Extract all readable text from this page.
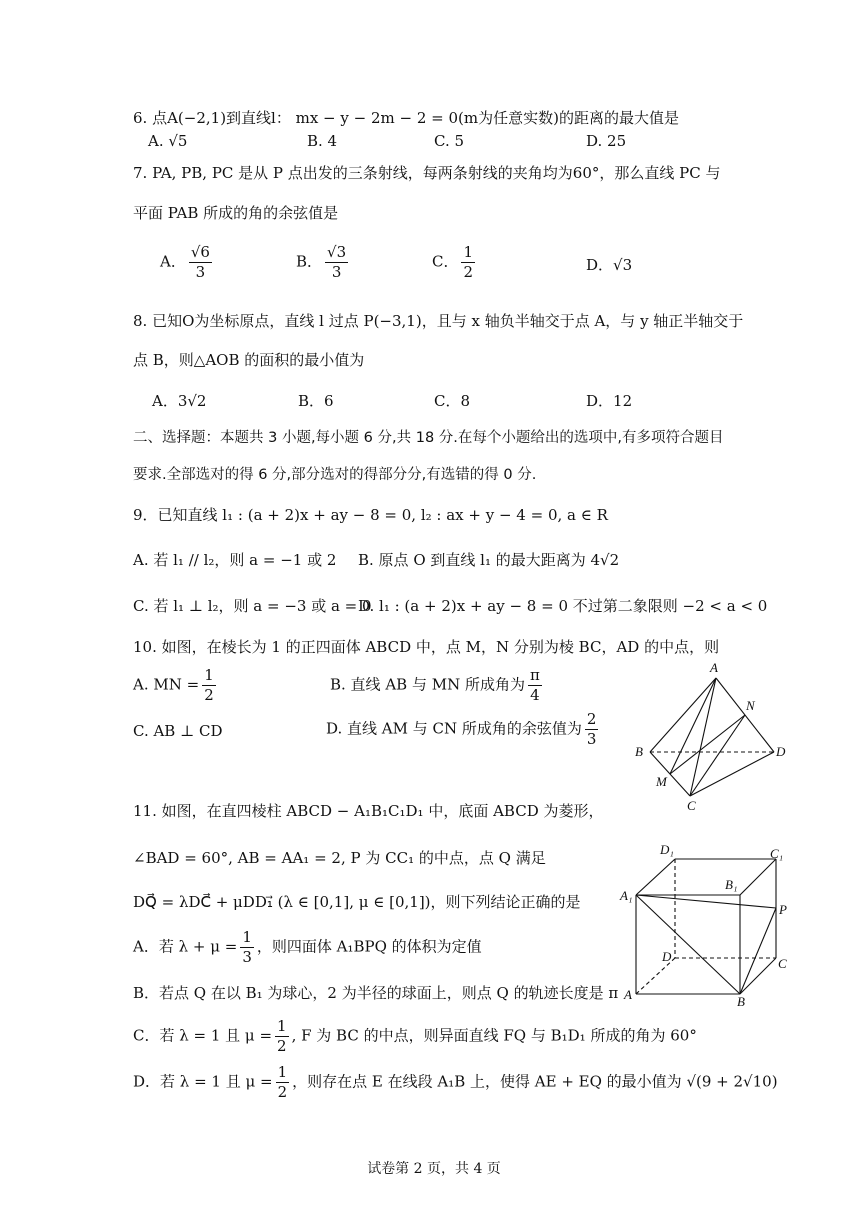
6. 点A(−2,1)到直线l： mx − y − 2m − 2 = 0(m为任意实数)的距离的最大值是
A. √5	B. 4	C. 5	D. 25
7. PA, PB, PC 是从 P 点出发的三条射线，每两条射线的夹角均为60°，那么直线 PC 与
平面 PAB 所成的角的余弦值是
A． $\frac{√6}{3}$	B． $\frac{√3}{3}$	C． $\frac{1}{2}$	D．√3
8. 已知O为坐标原点，直线 l 过点 P(−3,1)，且与 x 轴负半轴交于点 A，与 y 轴正半轴交于
点 B，则△AOB 的面积的最小值为
A．3√2	B．6	C．8	D．12
二、选择题：本题共 3 小题,每小题 6 分,共 18 分.在每个小题给出的选项中,有多项符合题目
要求.全部选对的得 6 分,部分选对的得部分分,有选错的得 0 分.
9．已知直线 l₁ : (a + 2)x + ay − 8 = 0, l₂ : ax + y − 4 = 0, a ∈ R
A. 若 l₁ // l₂，则 a = −1 或 2 B. 原点 O 到直线 l₁ 的最大距离为 4√2
C. 若 l₁ ⊥ l₂，则 a = −3 或 a = 0
D. l₁ : (a + 2)x + ay − 8 = 0 不过第二象限则 −2 < a < 0
10. 如图，在棱长为 1 的正四面体 ABCD 中，点 M，N 分别为棱 BC，AD 的中点，则
A. MN = $\frac{1}{2}$	B. 直线 AB 与 MN 所成角为 $\frac{\pi}{4}$
C. AB ⊥ CD	D. 直线 AM 与 CN 所成角的余弦值为 $\frac{2}{3}$
A
B
C
D
M
N
11. 如图，在直四棱柱 ABCD − A₁B₁C₁D₁ 中，底面 ABCD 为菱形，
∠BAD = 60°, AB = AA₁ = 2, P 为 CC₁ 的中点，点 Q 满足
DQ⃗ = λDC⃗ + μDD₁⃗ (λ ∈ [0,1], μ ∈ [0,1])，则下列结论正确的是
A．若 $\lambda + \mu = \frac{1}{3}$ ，则四面体 A₁BPQ 的体积为定值
B．若点 Q 在以 B₁ 为球心，2 为半径的球面上，则点 Q 的轨迹长度是 π
C．若 λ = 1 且 $\mu = \frac{1}{2}$ , F 为 BC 的中点，则异面直线 FQ 与 B₁D₁ 所成的角为 60°
D．若 λ = 1 且 $\mu = \frac{1}{2}$ ，则存在点 E 在线段 A₁B 上，使得 AE + EQ 的最小值为 √(9 + 2√10)
D₁	C₁
B₁
A₁
P
D	C
A	B
试卷第 2 页，共 4 页
